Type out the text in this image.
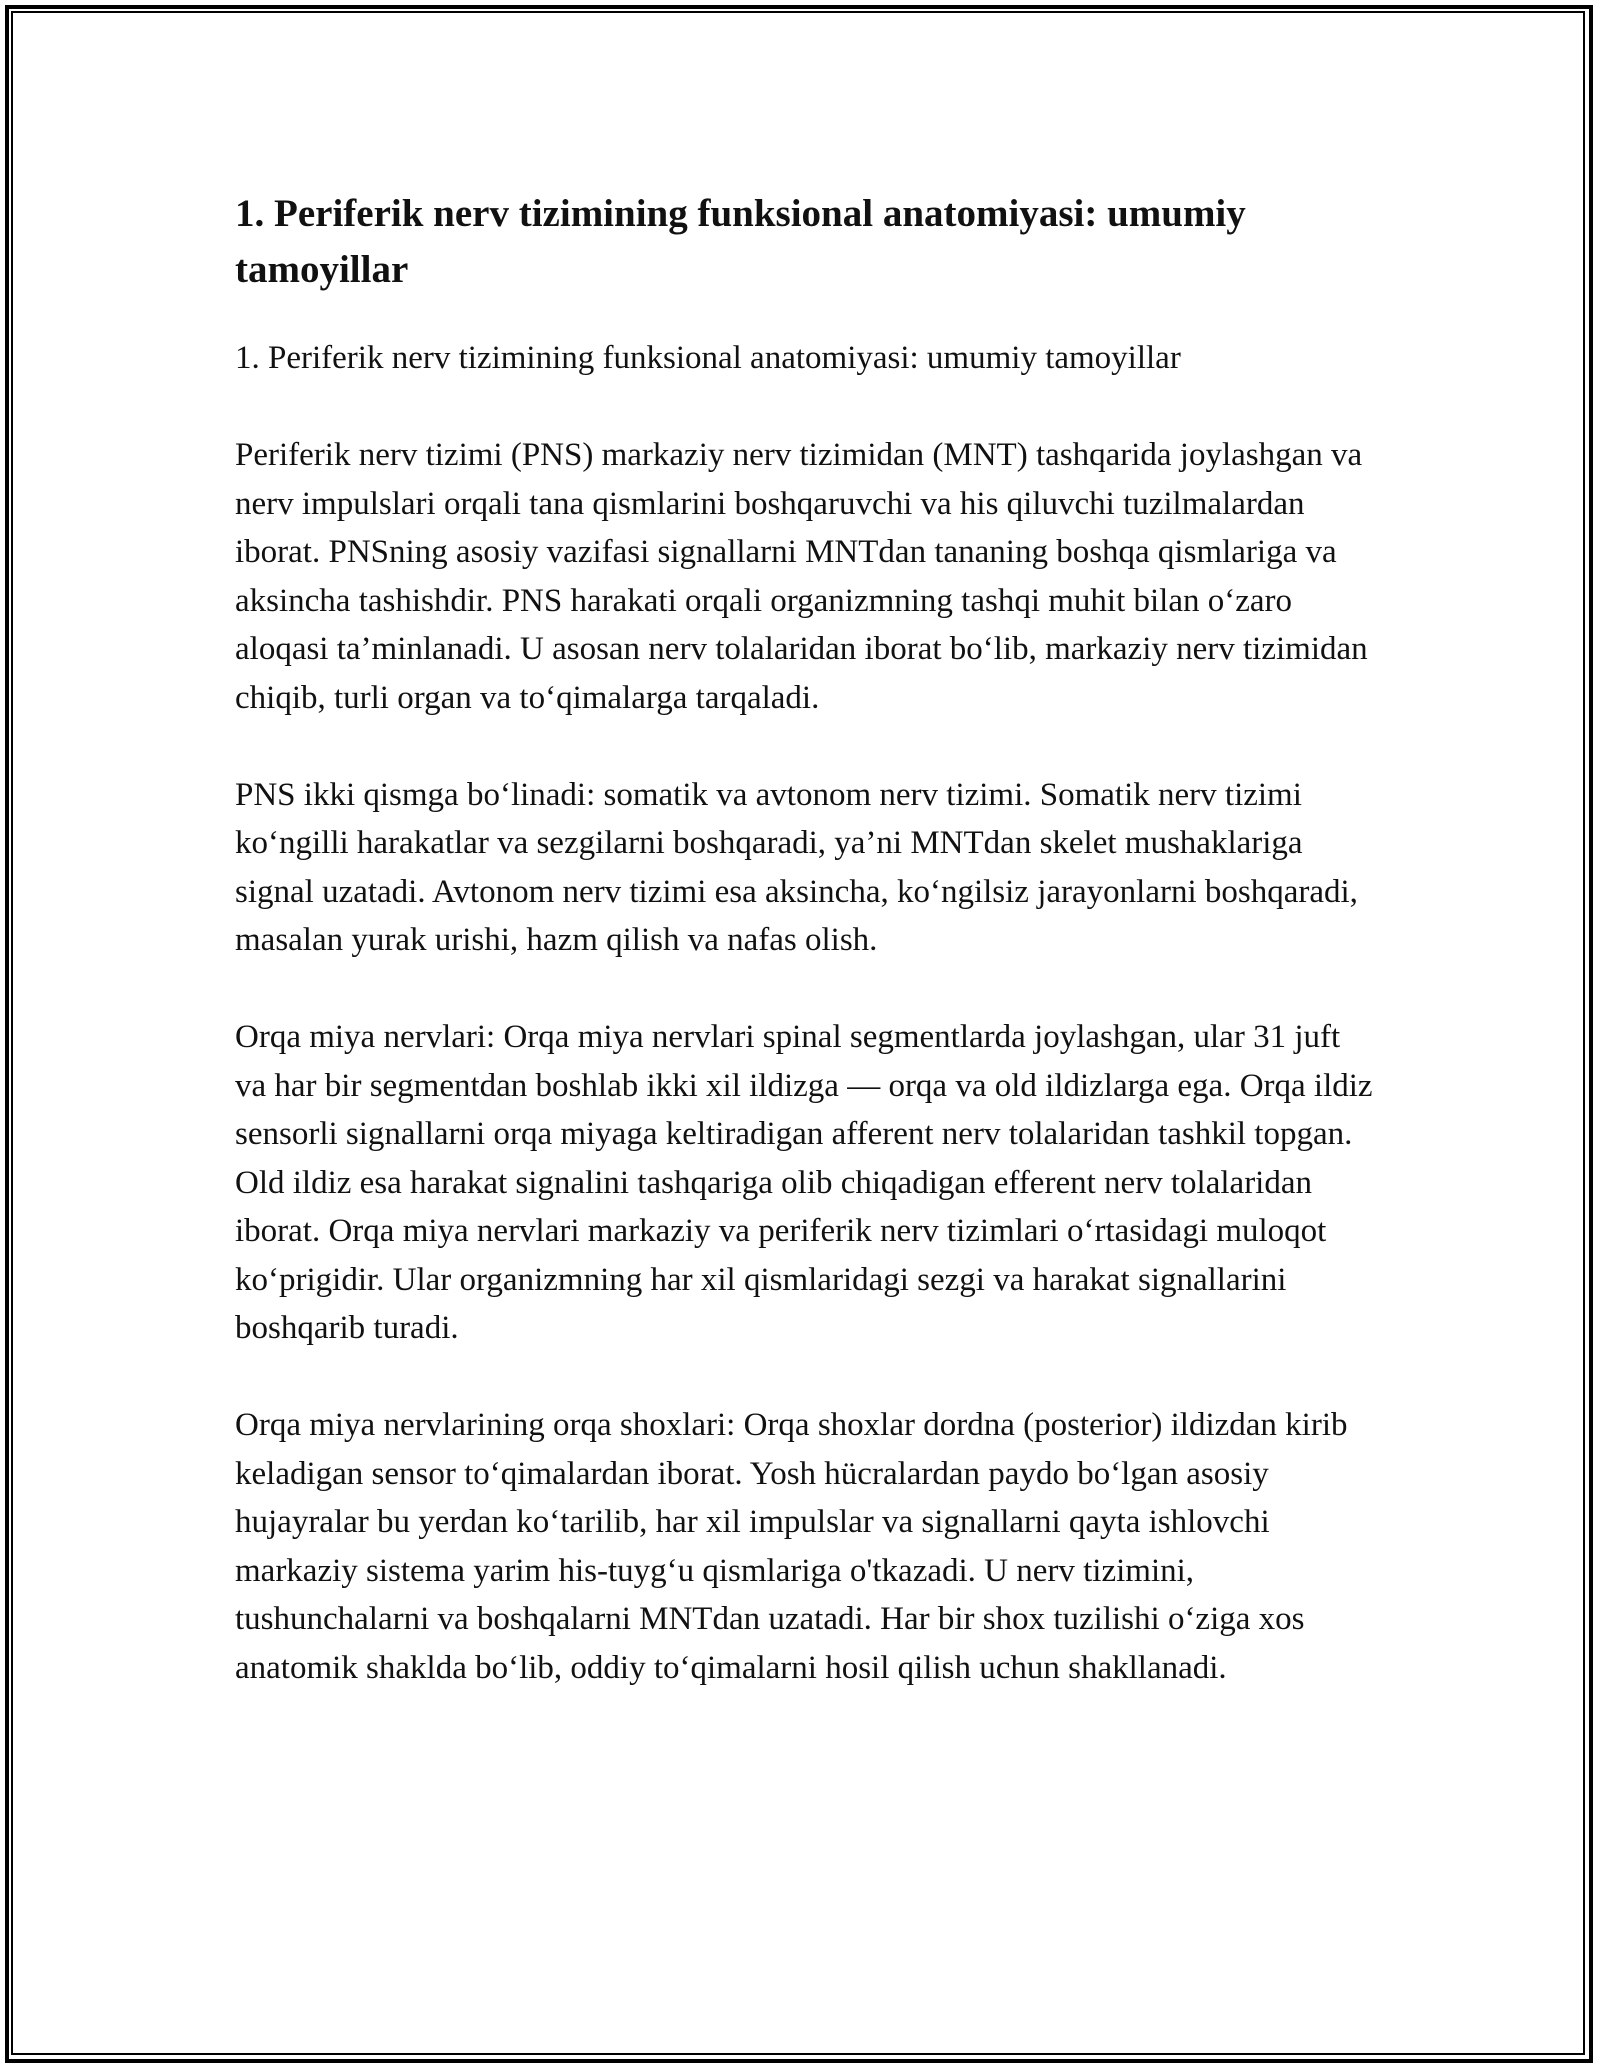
1. Periferik nerv tizimining funksional anatomiyasi: umumiy tamoyillar
1. Periferik nerv tizimining funksional anatomiyasi: umumiy tamoyillar

Periferik nerv tizimi (PNS) markaziy nerv tizimidan (MNT) tashqarida joylashgan va nerv impulslari orqali tana qismlarini boshqaruvchi va his qiluvchi tuzilmalardan iborat. PNSning asosiy vazifasi signallarni MNTdan tananing boshqa qismlariga va aksincha tashishdir. PNS harakati orqali organizmning tashqi muhit bilan o‘zaro aloqasi ta’minlanadi. U asosan nerv tolalaridan iborat bo‘lib, markaziy nerv tizimidan chiqib, turli organ va to‘qimalarga tarqaladi.

PNS ikki qismga bo‘linadi: somatik va avtonom nerv tizimi. Somatik nerv tizimi ko‘ngilli harakatlar va sezgilarni boshqaradi, ya’ni MNTdan skelet mushaklariga signal uzatadi. Avtonom nerv tizimi esa aksincha, ko‘ngilsiz jarayonlarni boshqaradi, masalan yurak urishi, hazm qilish va nafas olish.

Orqa miya nervlari: Orqa miya nervlari spinal segmentlarda joylashgan, ular 31 juft va har bir segmentdan boshlab ikki xil ildizga — orqa va old ildizlarga ega. Orqa ildiz sensorli signallarni orqa miyaga keltiradigan afferent nerv tolalaridan tashkil topgan. Old ildiz esa harakat signalini tashqariga olib chiqadigan efferent nerv tolalaridan iborat. Orqa miya nervlari markaziy va periferik nerv tizimlari o‘rtasidagi muloqot ko‘prigidir. Ular organizmning har xil qismlaridagi sezgi va harakat signallarini boshqarib turadi.

Orqa miya nervlarining orqa shoxlari: Orqa shoxlar dordna (posterior) ildizdan kirib keladigan sensor to‘qimalardan iborat. Yosh hücralardan paydo bo‘lgan asosiy hujayralar bu yerdan ko‘tarilib, har xil impulslar va signallarni qayta ishlovchi markaziy sistema yarim his-tuyg‘u qismlariga o'tkazadi. U nerv tizimini, tushunchalarni va boshqalarni MNTdan uzatadi. Har bir shox tuzilishi o‘ziga xos anatomik shaklda bo‘lib, oddiy to‘qimalarni hosil qilish uchun shakllanadi.
